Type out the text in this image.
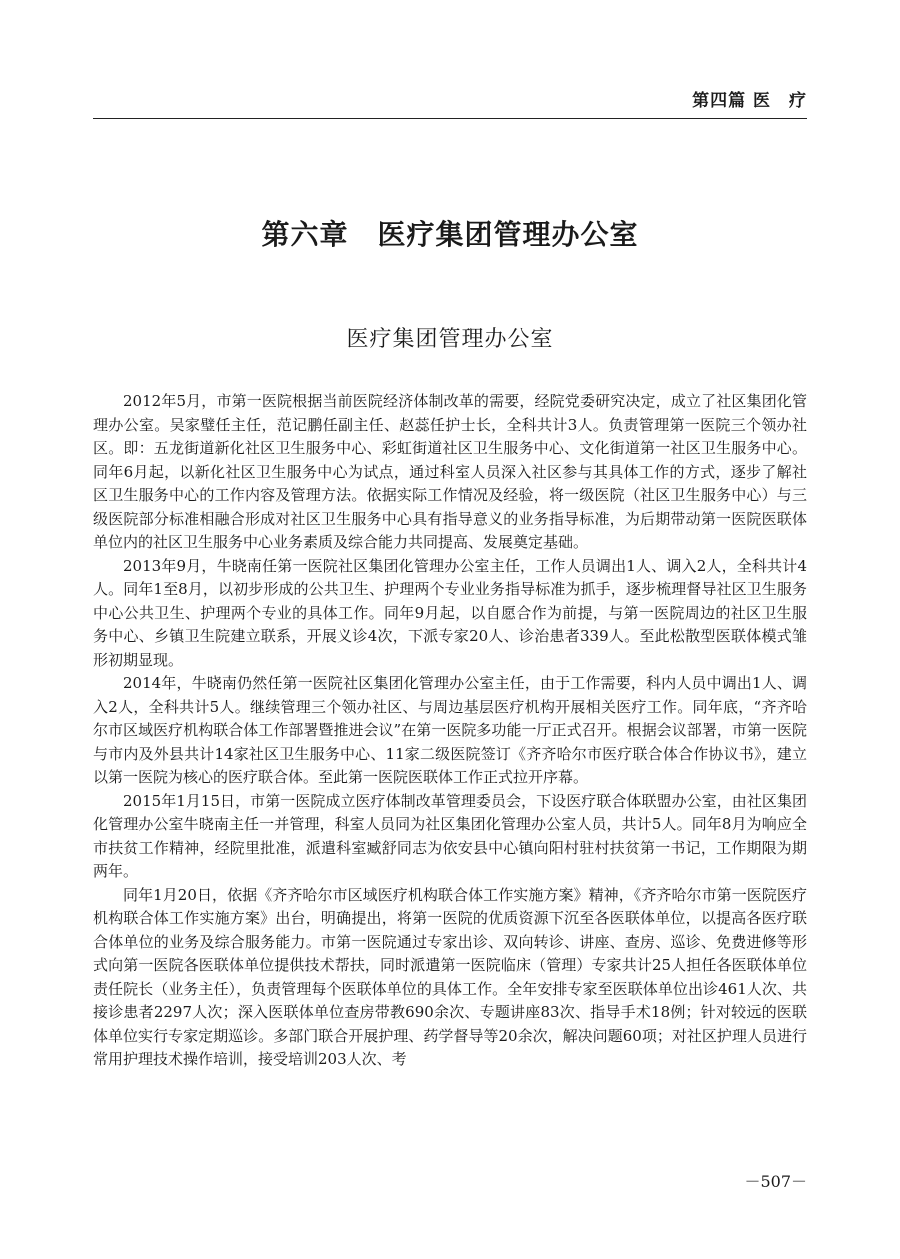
第四篇 医　疗
第六章　医疗集团管理办公室
医疗集团管理办公室

2012年5月，市第一医院根据当前医院经济体制改革的需要，经院党委研究决定，成立了社区集团化管理办公室。吴家璧任主任，范记鹏任副主任、赵蕊任护士长，全科共计3人。负责管理第一医院三个领办社区。即：五龙街道新化社区卫生服务中心、彩虹街道社区卫生服务中心、文化街道第一社区卫生服务中心。同年6月起，以新化社区卫生服务中心为试点，通过科室人员深入社区参与其具体工作的方式，逐步了解社区卫生服务中心的工作内容及管理方法。依据实际工作情况及经验，将一级医院（社区卫生服务中心）与三级医院部分标准相融合形成对社区卫生服务中心具有指导意义的业务指导标准，为后期带动第一医院医联体单位内的社区卫生服务中心业务素质及综合能力共同提高、发展奠定基础。

2013年9月，牛晓南任第一医院社区集团化管理办公室主任，工作人员调出1人、调入2人，全科共计4人。同年1至8月，以初步形成的公共卫生、护理两个专业业务指导标准为抓手，逐步梳理督导社区卫生服务中心公共卫生、护理两个专业的具体工作。同年9月起，以自愿合作为前提，与第一医院周边的社区卫生服务中心、乡镇卫生院建立联系，开展义诊4次，下派专家20人、诊治患者339人。至此松散型医联体模式雏形初期显现。

2014年，牛晓南仍然任第一医院社区集团化管理办公室主任，由于工作需要，科内人员中调出1人、调入2人，全科共计5人。继续管理三个领办社区、与周边基层医疗机构开展相关医疗工作。同年底，“齐齐哈尔市区域医疗机构联合体工作部署暨推进会议”在第一医院多功能一厅正式召开。根据会议部署，市第一医院与市内及外县共计14家社区卫生服务中心、11家二级医院签订《齐齐哈尔市医疗联合体合作协议书》，建立以第一医院为核心的医疗联合体。至此第一医院医联体工作正式拉开序幕。

2015年1月15日，市第一医院成立医疗体制改革管理委员会，下设医疗联合体联盟办公室，由社区集团化管理办公室牛晓南主任一并管理，科室人员同为社区集团化管理办公室人员，共计5人。同年8月为响应全市扶贫工作精神，经院里批准，派遣科室臧舒同志为依安县中心镇向阳村驻村扶贫第一书记，工作期限为期两年。

同年1月20日，依据《齐齐哈尔市区域医疗机构联合体工作实施方案》精神，《齐齐哈尔市第一医院医疗机构联合体工作实施方案》出台，明确提出，将第一医院的优质资源下沉至各医联体单位，以提高各医疗联合体单位的业务及综合服务能力。市第一医院通过专家出诊、双向转诊、讲座、查房、巡诊、免费进修等形式向第一医院各医联体单位提供技术帮扶，同时派遣第一医院临床（管理）专家共计25人担任各医联体单位责任院长（业务主任），负责管理每个医联体单位的具体工作。全年安排专家至医联体单位出诊461人次、共接诊患者2297人次；深入医联体单位查房带教690余次、专题讲座83次、指导手术18例；针对较远的医联体单位实行专家定期巡诊。多部门联合开展护理、药学督导等20余次，解决问题60项；对社区护理人员进行常用护理技术操作培训，接受培训203人次、考

－507－
